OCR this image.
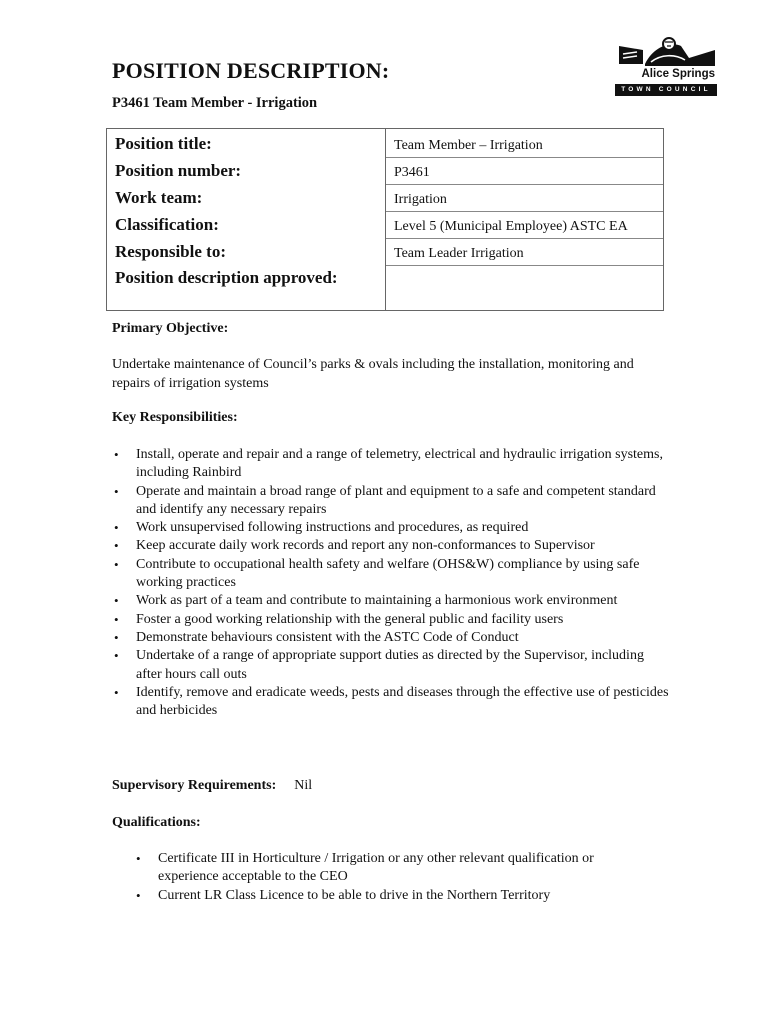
POSITION DESCRIPTION:
P3461 Team Member - Irrigation
Alice Springs
TOWN COUNCIL
Position title:	Team Member – Irrigation
Position number:	P3461
Work team:	Irrigation
Classification:	Level 5 (Municipal Employee) ASTC EA
Responsible to:	Team Leader Irrigation
Position description approved:	
Primary Objective:
Undertake maintenance of Council’s parks & ovals including the installation, monitoring and repairs of irrigation systems
Key Responsibilities:
• Install, operate and repair and a range of telemetry, electrical and hydraulic irrigation systems, including Rainbird
• Operate and maintain a broad range of plant and equipment to a safe and competent standard and identify any necessary repairs
• Work unsupervised following instructions and procedures, as required
• Keep accurate daily work records and report any non-conformances to Supervisor
• Contribute to occupational health safety and welfare (OHS&W) compliance by using safe working practices
• Work as part of a team and contribute to maintaining a harmonious work environment
• Foster a good working relationship with the general public and facility users
• Demonstrate behaviours consistent with the ASTC Code of Conduct
• Undertake of a range of appropriate support duties as directed by the Supervisor, including after hours call outs
• Identify, remove and eradicate weeds, pests and diseases through the effective use of pesticides and herbicides
Supervisory Requirements: Nil
Qualifications:
• Certificate III in Horticulture / Irrigation or any other relevant qualification or experience acceptable to the CEO
• Current LR Class Licence to be able to drive in the Northern Territory
